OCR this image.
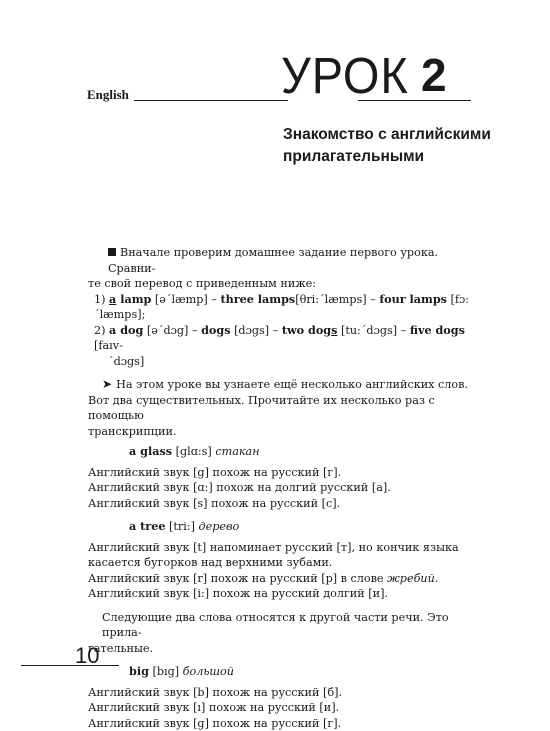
English	УРОК 2
Знакомство с английскими
прилагательными

Вначале проверим домашнее задание первого урока. Сравни-

те свой перевод с приведенным ниже:

1) a lamp [ə´læmp] – three lamps[θri:´læmps] – four lamps [fɔ:´læmps];

2) a dog [ə´dɔg] – dogs [dɔgs] – two dogs [tu:´dɔgs] – five dogs [faıv-

´dɔgs]

➤ На этом уроке вы узнаете ещё несколько английских слов.

Вот два существительных. Прочитайте их несколько раз с помощью

транскрипции.

a glass [glɑ:s] стакан

Английский звук [g] похож на русский [г].

Английский звук [ɑ:] похож на долгий русский [а].

Английский звук [s] похож на русский [с].

a tree [tri:] дерево

Английский звук [t] напоминает русский [т], но кончик языка

касается бугорков над верхними зубами.

Английский звук [r] похож на русский [р] в слове жребий.

Английский звук [i:] похож на русский долгий [и].

Следующие два слова относятся к другой части речи. Это прила-

гательные.

big [bıg] большой

Английский звук [b] похож на русский [б].

Английский звук [ı] похож на русский [и].

Английский звук [g] похож на русский [г].

10
